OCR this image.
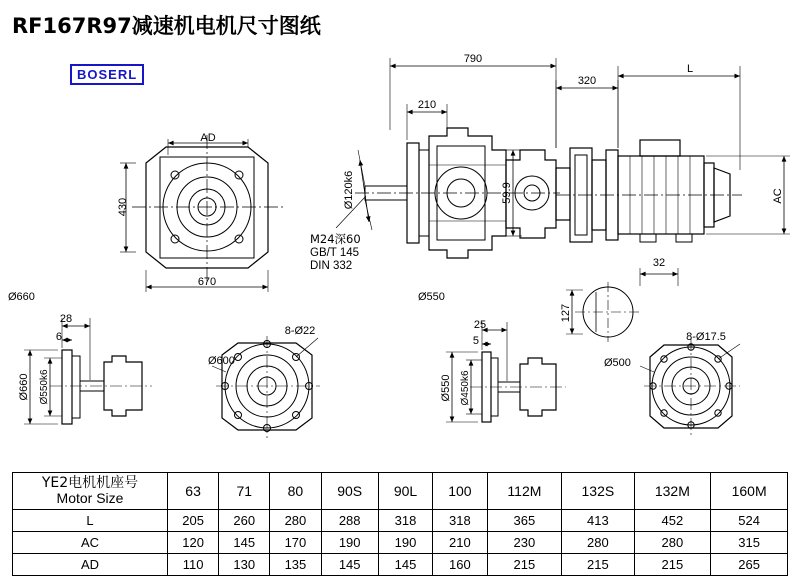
RF167R97减速机电机尺寸图纸
BOSERL
AD
670
430
790
320
L
210
Ø120k6	59.9	AC
32
127
Ø660	Ø550
28
6
Ø660 Ø550k6
Ø600
8-Ø22	25
5
Ø550 Ø450k6
Ø500
8-Ø17.5
M24深60
GB/T 145
DIN 332
YE2电机机座号
Motor Size	63	71	80	90S	90L	100	112M	132S	132M	160M
L	205	260	280	288	318	318	365	413	452	524
AC	120	145	170	190	190	210	230	280	280	315
AD	110	130	135	145	145	160	215	215	215	265
